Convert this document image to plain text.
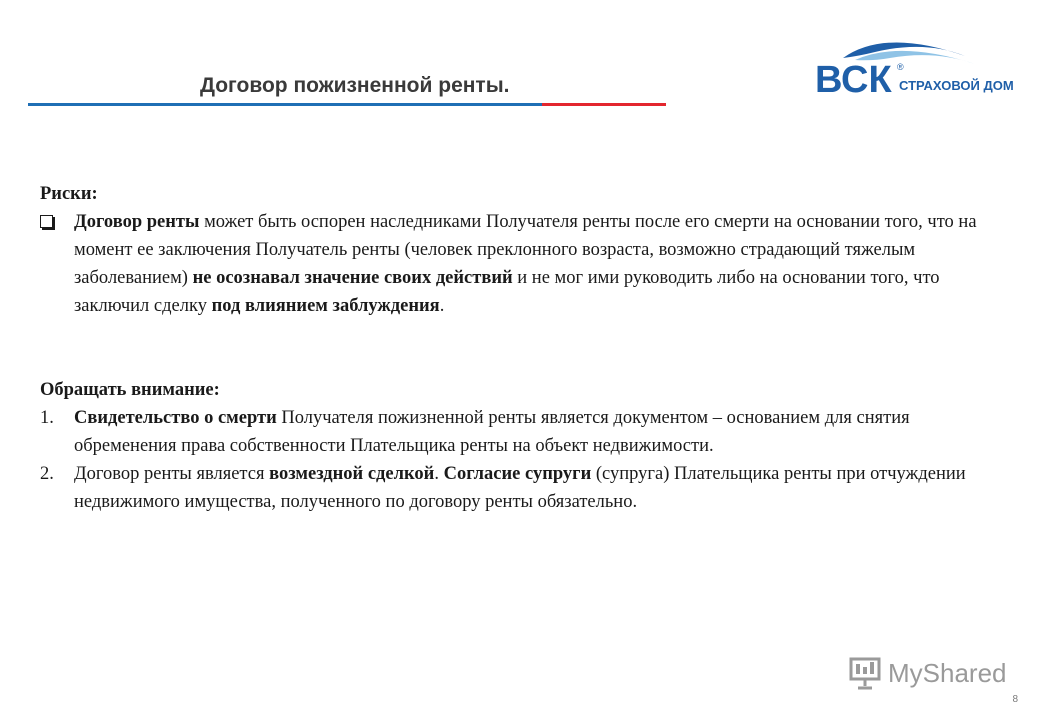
Договор пожизненной ренты.	ВСК ®
СТРАХОВОЙ ДОМ
Риски:
Договор ренты может быть оспорен наследниками Получателя ренты после его смерти на основании того, что на момент ее заключения Получатель ренты (человек преклонного возраста, возможно страдающий тяжелым заболеванием) не осознавал значение своих действий и не мог ими руководить либо на основании того, что заключил сделку под влиянием заблуждения.
Обращать внимание:
1. Свидетельство о смерти Получателя пожизненной ренты является документом – основанием для снятия обременения права собственности Плательщика ренты на объект недвижимости.
2. Договор ренты является возмездной сделкой. Согласие супруги (супруга) Плательщика ренты при отчуждении недвижимого имущества, полученного по договору ренты обязательно.
MyShared
8
